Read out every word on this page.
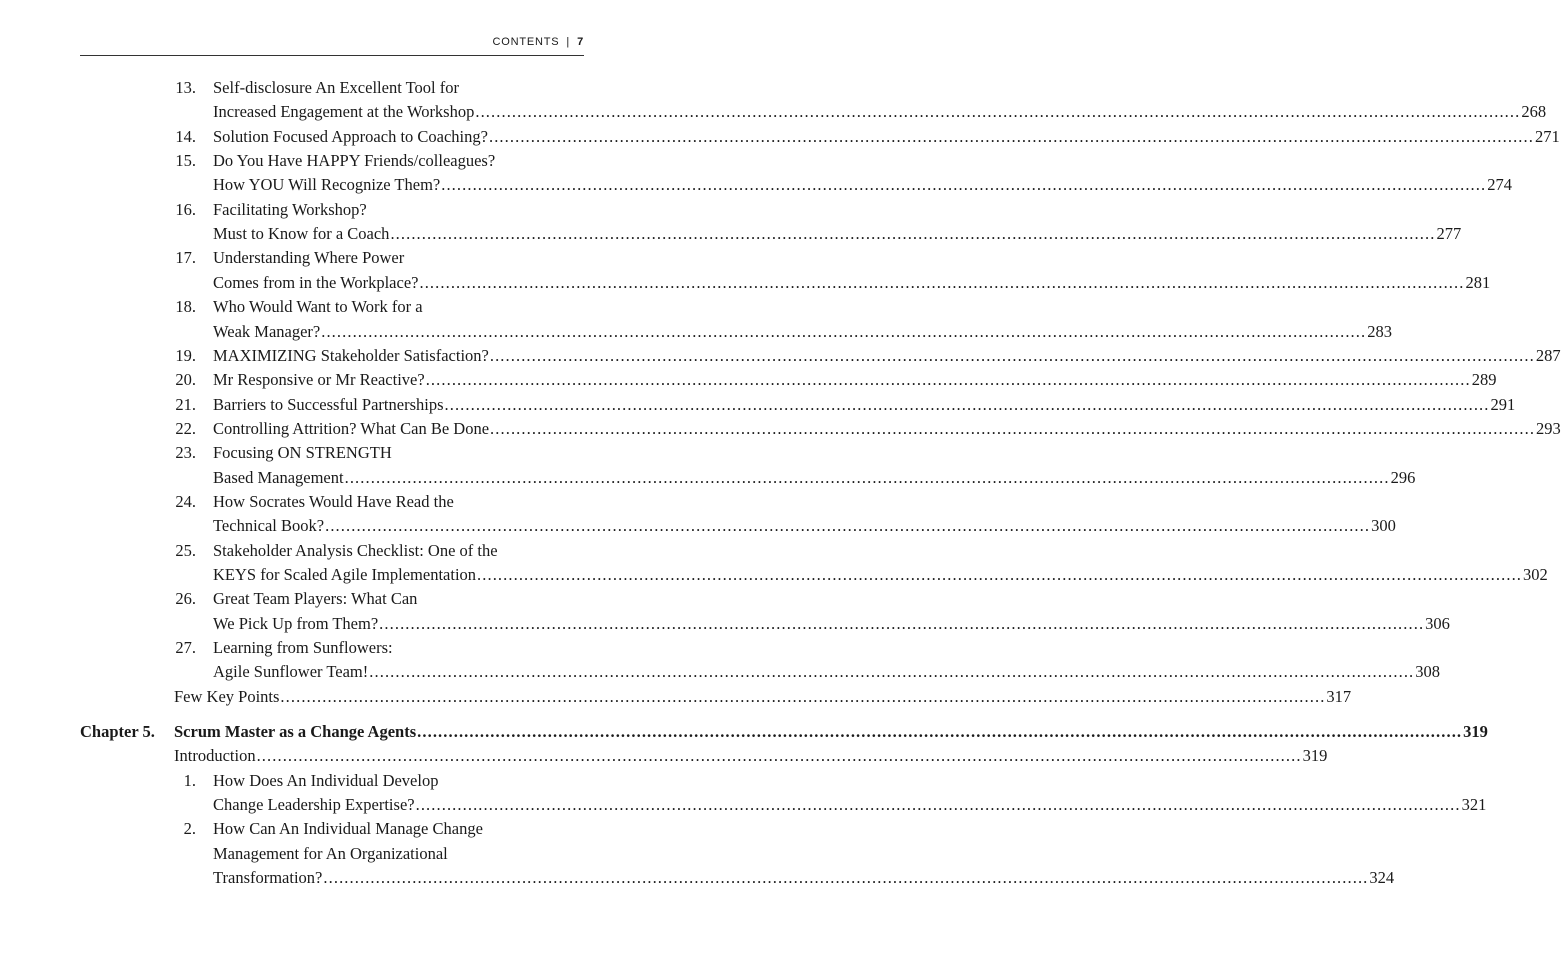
CONTENTS | 7
13. Self-disclosure An Excellent Tool for
Increased Engagement at the Workshop ........................................................................................................................................................................................................ 268
14. Solution Focused Approach to Coaching? ........................................................................................................................................................................................................ 271
15. Do You Have HAPPY Friends/colleagues?
How YOU Will Recognize Them? ........................................................................................................................................................................................................ 274
16. Facilitating Workshop?
Must to Know for a Coach ........................................................................................................................................................................................................ 277
17. Understanding Where Power
Comes from in the Workplace? ........................................................................................................................................................................................................ 281
18. Who Would Want to Work for a
Weak Manager? ........................................................................................................................................................................................................ 283
19. MAXIMIZING Stakeholder Satisfaction? ........................................................................................................................................................................................................ 287
20. Mr Responsive or Mr Reactive? ........................................................................................................................................................................................................ 289
21. Barriers to Successful Partnerships ........................................................................................................................................................................................................ 291
22. Controlling Attrition? What Can Be Done ........................................................................................................................................................................................................ 293
23. Focusing ON STRENGTH
Based Management ........................................................................................................................................................................................................ 296
24. How Socrates Would Have Read the
Technical Book? ........................................................................................................................................................................................................ 300
25. Stakeholder Analysis Checklist: One of the
KEYS for Scaled Agile Implementation ........................................................................................................................................................................................................ 302
26. Great Team Players: What Can
We Pick Up from Them? ........................................................................................................................................................................................................ 306
27. Learning from Sunflowers:
Agile Sunflower Team! ........................................................................................................................................................................................................ 308
Few Key Points ........................................................................................................................................................................................................ 317
Chapter 5. Scrum Master as a Change Agents ........................................................................................................................................................................................................ 319
Introduction ........................................................................................................................................................................................................ 319
1. How Does An Individual Develop
Change Leadership Expertise? ........................................................................................................................................................................................................ 321
2. How Can An Individual Manage Change
Management for An Organizational
Transformation? ........................................................................................................................................................................................................ 324
